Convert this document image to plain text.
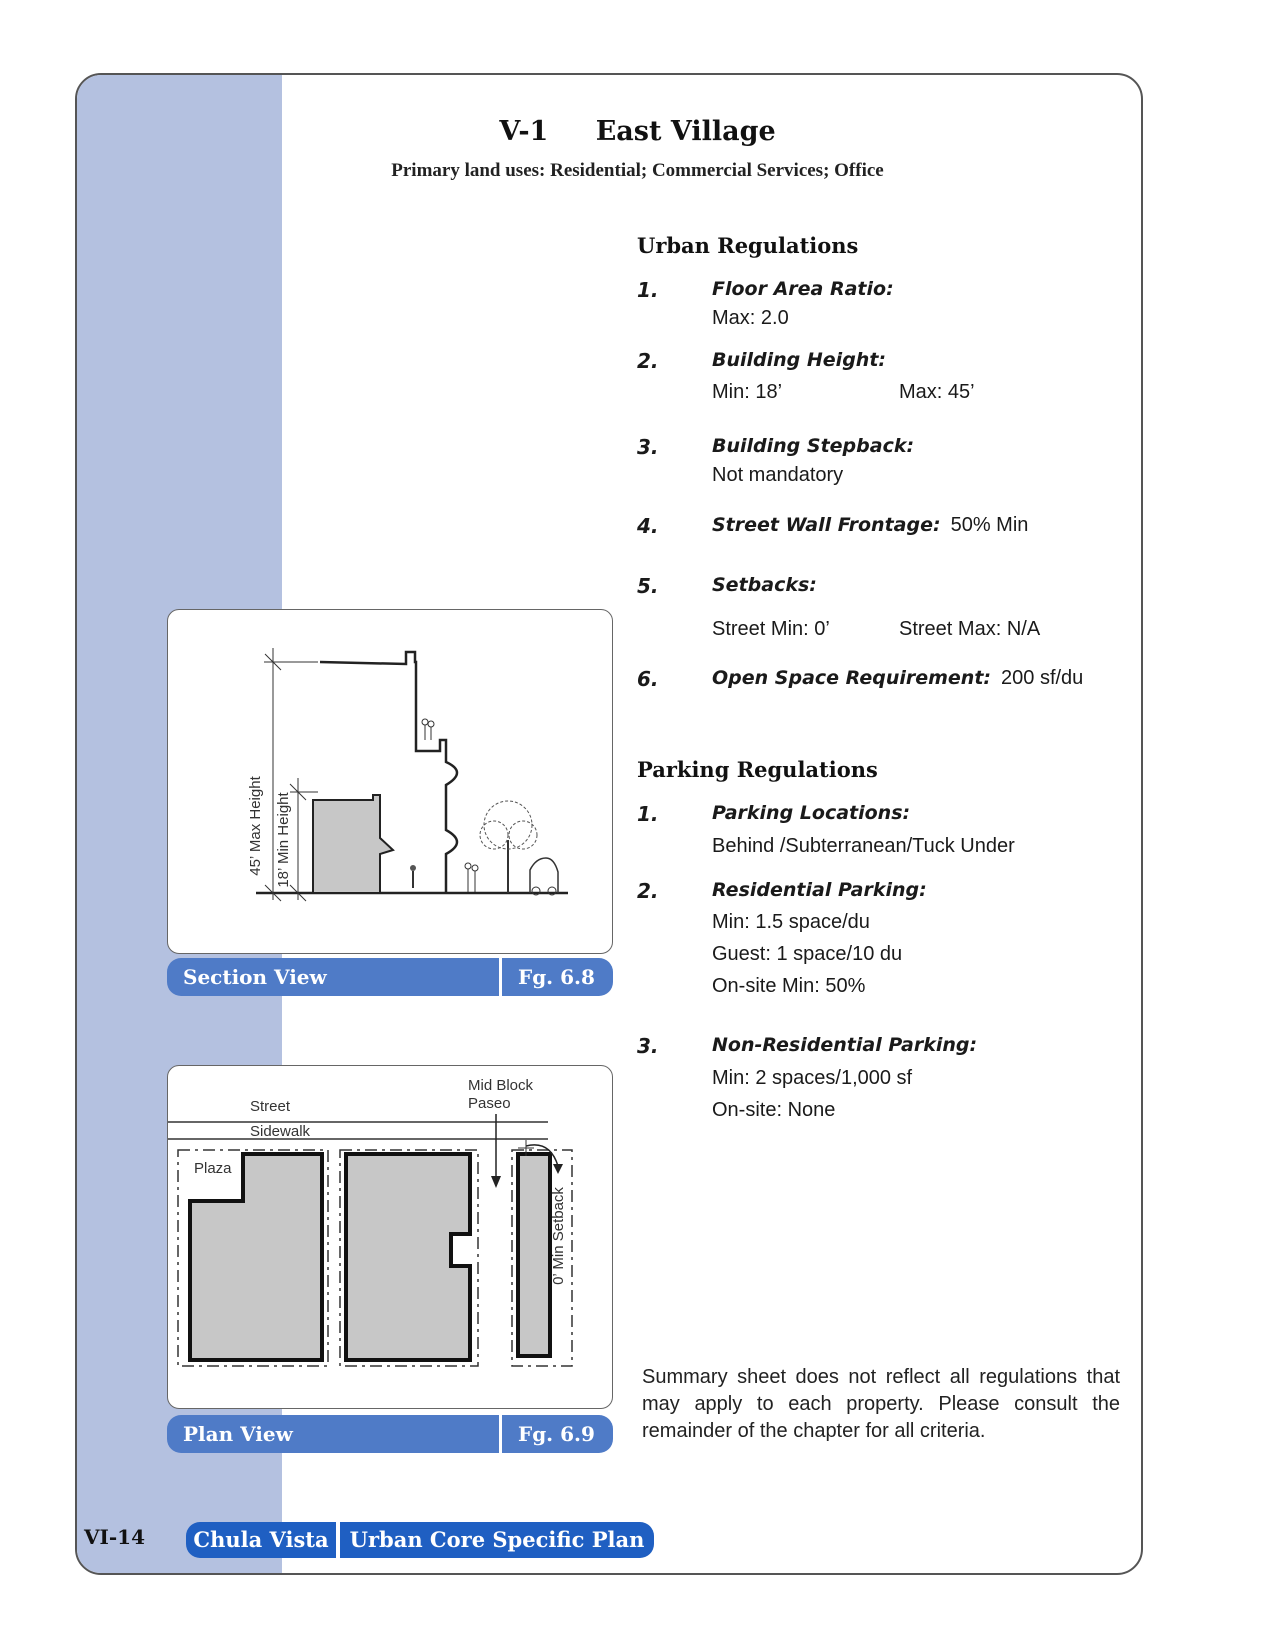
V-1 East Village
Primary land uses: Residential; Commercial Services; Office
Urban Regulations
1.	Floor Area Ratio:
Max: 2.0
2.	Building Height:
Min: 18’	Max: 45’
3.	Building Stepback:
Not mandatory
4.	Street Wall Frontage: 50% Min
5.	Setbacks:
Street Min: 0’	Street Max: N/A
6.	Open Space Requirement: 200 sf/du
Parking Regulations
1.	Parking Locations:
Behind /Subterranean/Tuck Under
2.	Residential Parking:
Min: 1.5 space/du
Guest: 1 space/10 du
On-site Min: 50%
3.	Non-Residential Parking:
Min: 2 spaces/1,000 sf
On-site: None
45’ Max Height 18’ Min Height
Section View	Fg. 6.8
Street
Sidewalk
Mid Block
Paseo
Plaza
0’ Min Setback
Plan View	Fg. 6.9
Summary sheet does not reflect all regulations that may apply to each property. Please consult the remainder of the chapter for all criteria.
VI-14	Chula Vista	Urban Core Specific Plan
